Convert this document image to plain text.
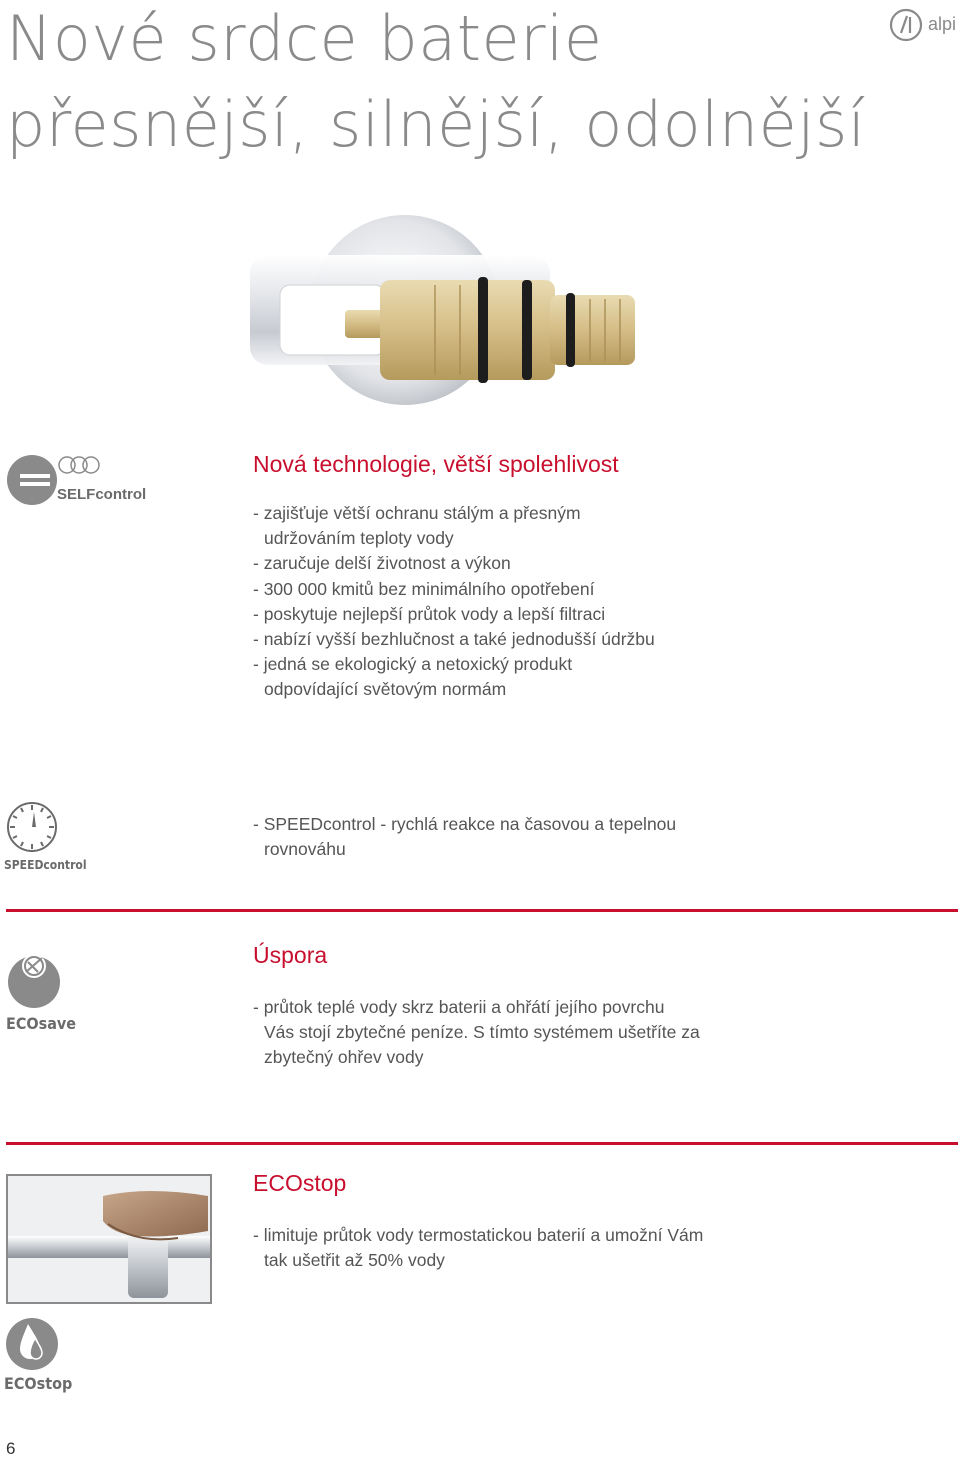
Nové srdce baterie
přesnější, silnější, odolnější
alpi
SELFcontrol
Nová technologie, větší spolehlivost
- zajišťuje větší ochranu stálým a přesným
udržováním teploty vody
- zaručuje delší životnost a výkon
- 300 000 kmitů bez minimálního opotřebení
- poskytuje nejlepší průtok vody a lepší filtraci
- nabízí vyšší bezhlučnost a také jednodušší údržbu
- jedná se ekologický a netoxický produkt
odpovídající světovým normám
SPEEDcontrol
- SPEEDcontrol - rychlá reakce na časovou a tepelnou
rovnováhu
ECOsave
Úspora
- průtok teplé vody skrz baterii a ohřátí jejího povrchu
Vás stojí zbytečné peníze. S tímto systémem ušetříte za
zbytečný ohřev vody
ECOstop
ECOstop
- limituje průtok vody termostatickou baterií a umožní Vám
tak ušetřit až 50% vody
6
